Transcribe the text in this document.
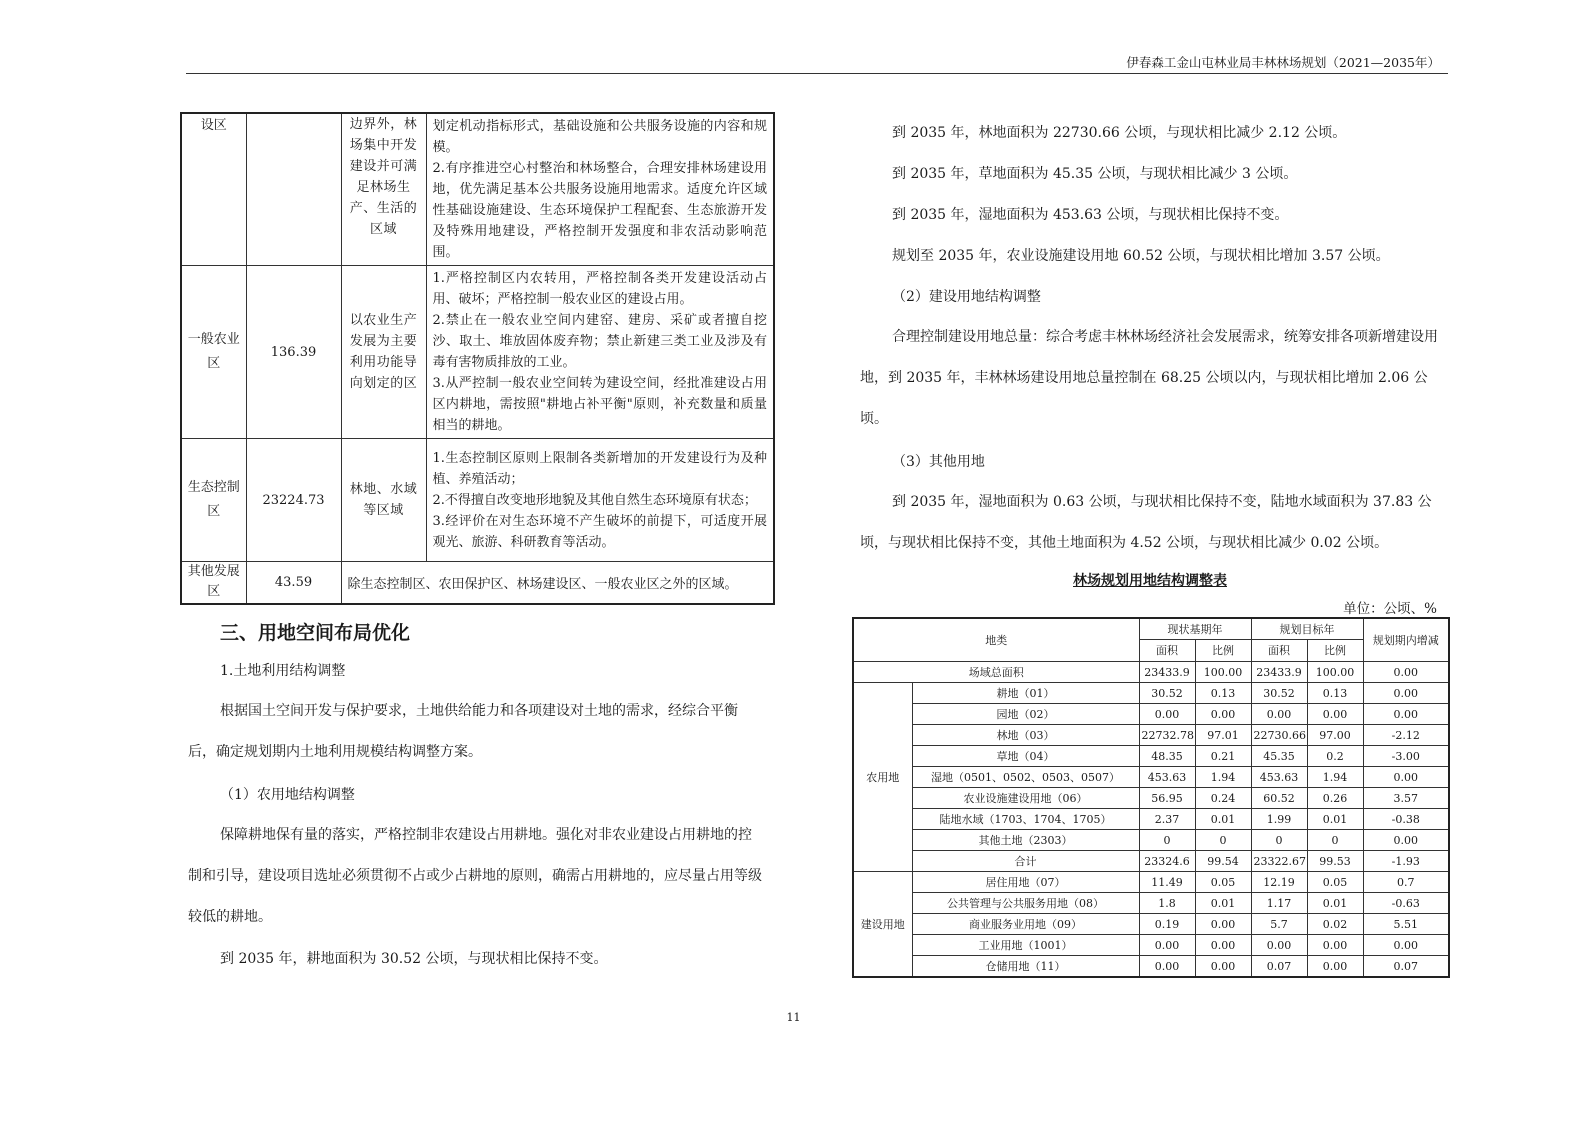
伊春森工金山屯林业局丰林林场规划（2021—2035年）
设区		边界外，林场集中开发建设并可满足林场生产、生活的区域	划定机动指标形式，基础设施和公共服务设施的内容和规模。
2.有序推进空心村整治和林场整合，合理安排林场建设用地，优先满足基本公共服务设施用地需求。适度允许区域性基础设施建设、生态环境保护工程配套、生态旅游开发及特殊用地建设，严格控制开发强度和非农活动影响范围。

一般农业区	136.39	以农业生产发展为主要 利用功能导向划定的区	1.严格控制区内农转用，严格控制各类开发建设活动占用、破坏；严格控制一般农业区的建设占用。
2.禁止在一般农业空间内建窑、建房、采矿或者擅自挖沙、取土、堆放固体废弃物；禁止新建三类工业及涉及有毒有害物质排放的工业。
3.从严控制一般农业空间转为建设空间，经批准建设占用区内耕地，需按照"耕地占补平衡"原则，补充数量和质量相当的耕地。

生态控制区	23224.73	林地、水域等区域	1.生态控制区原则上限制各类新增加的开发建设行为及种植、养殖活动；
2.不得擅自改变地形地貌及其他自然生态环境原有状态；
3.经评价在对生态环境不产生破坏的前提下，可适度开展观光、旅游、科研教育等活动。

其他发展区	43.59	除生态控制区、农田保护区、林场建设区、一般农业区之外的区域。	
三、用地空间布局优化

1.土地利用结构调整

根据国土空间开发与保护要求，土地供给能力和各项建设对土地的需求，经综合平衡后，确定规划期内土地利用规模结构调整方案。

（1）农用地结构调整

保障耕地保有量的落实，严格控制非农建设占用耕地。强化对非农业建设占用耕地的控制和引导，建设项目选址必须贯彻不占或少占耕地的原则，确需占用耕地的，应尽量占用等级较低的耕地。

到 2035 年，耕地面积为 30.52 公顷，与现状相比保持不变。

到 2035 年，林地面积为 22730.66 公顷，与现状相比减少 2.12 公顷。

到 2035 年，草地面积为 45.35 公顷，与现状相比减少 3 公顷。

到 2035 年，湿地面积为 453.63 公顷，与现状相比保持不变。

规划至 2035 年，农业设施建设用地 60.52 公顷，与现状相比增加 3.57 公顷。

（2）建设用地结构调整

合理控制建设用地总量：综合考虑丰林林场经济社会发展需求，统筹安排各项新增建设用地，到 2035 年，丰林林场建设用地总量控制在 68.25 公顷以内，与现状相比增加 2.06 公顷。

（3）其他用地

到 2035 年，湿地面积为 0.63 公顷，与现状相比保持不变，陆地水域面积为 37.83 公顷，与现状相比保持不变，其他土地面积为 4.52 公顷，与现状相比减少 0.02 公顷。

林场规划用地结构调整表
单位：公顷、%
地类		现状基期年		规划目标年		规划期内增减
		面积	比例	面积	比例	
场域总面积		23433.9	100.00	23433.9	100.00	0.00
农用地	耕地（01）	30.52	0.13	30.52	0.13	0.00
	园地（02）	0.00	0.00	0.00	0.00	0.00
	林地（03）	22732.78	97.01	22730.66	97.00	-2.12
	草地（04）	48.35	0.21	45.35	0.2	-3.00
	湿地（0501、0502、0503、0507）	453.63	1.94	453.63	1.94	0.00
	农业设施建设用地（06）	56.95	0.24	60.52	0.26	3.57
	陆地水域（1703、1704、1705）	2.37	0.01	1.99	0.01	-0.38
	其他土地（2303）	0	0	0	0	0.00
	合计	23324.6	99.54	23322.67	99.53	-1.93
建设用地	居住用地（07）	11.49	0.05	12.19	0.05	0.7
	公共管理与公共服务用地（08）	1.8	0.01	1.17	0.01	-0.63
	商业服务业用地（09）	0.19	0.00	5.7	0.02	5.51
	工业用地（1001）	0.00	0.00	0.00	0.00	0.00
	仓储用地（11）	0.00	0.00	0.07	0.00	0.07
11
